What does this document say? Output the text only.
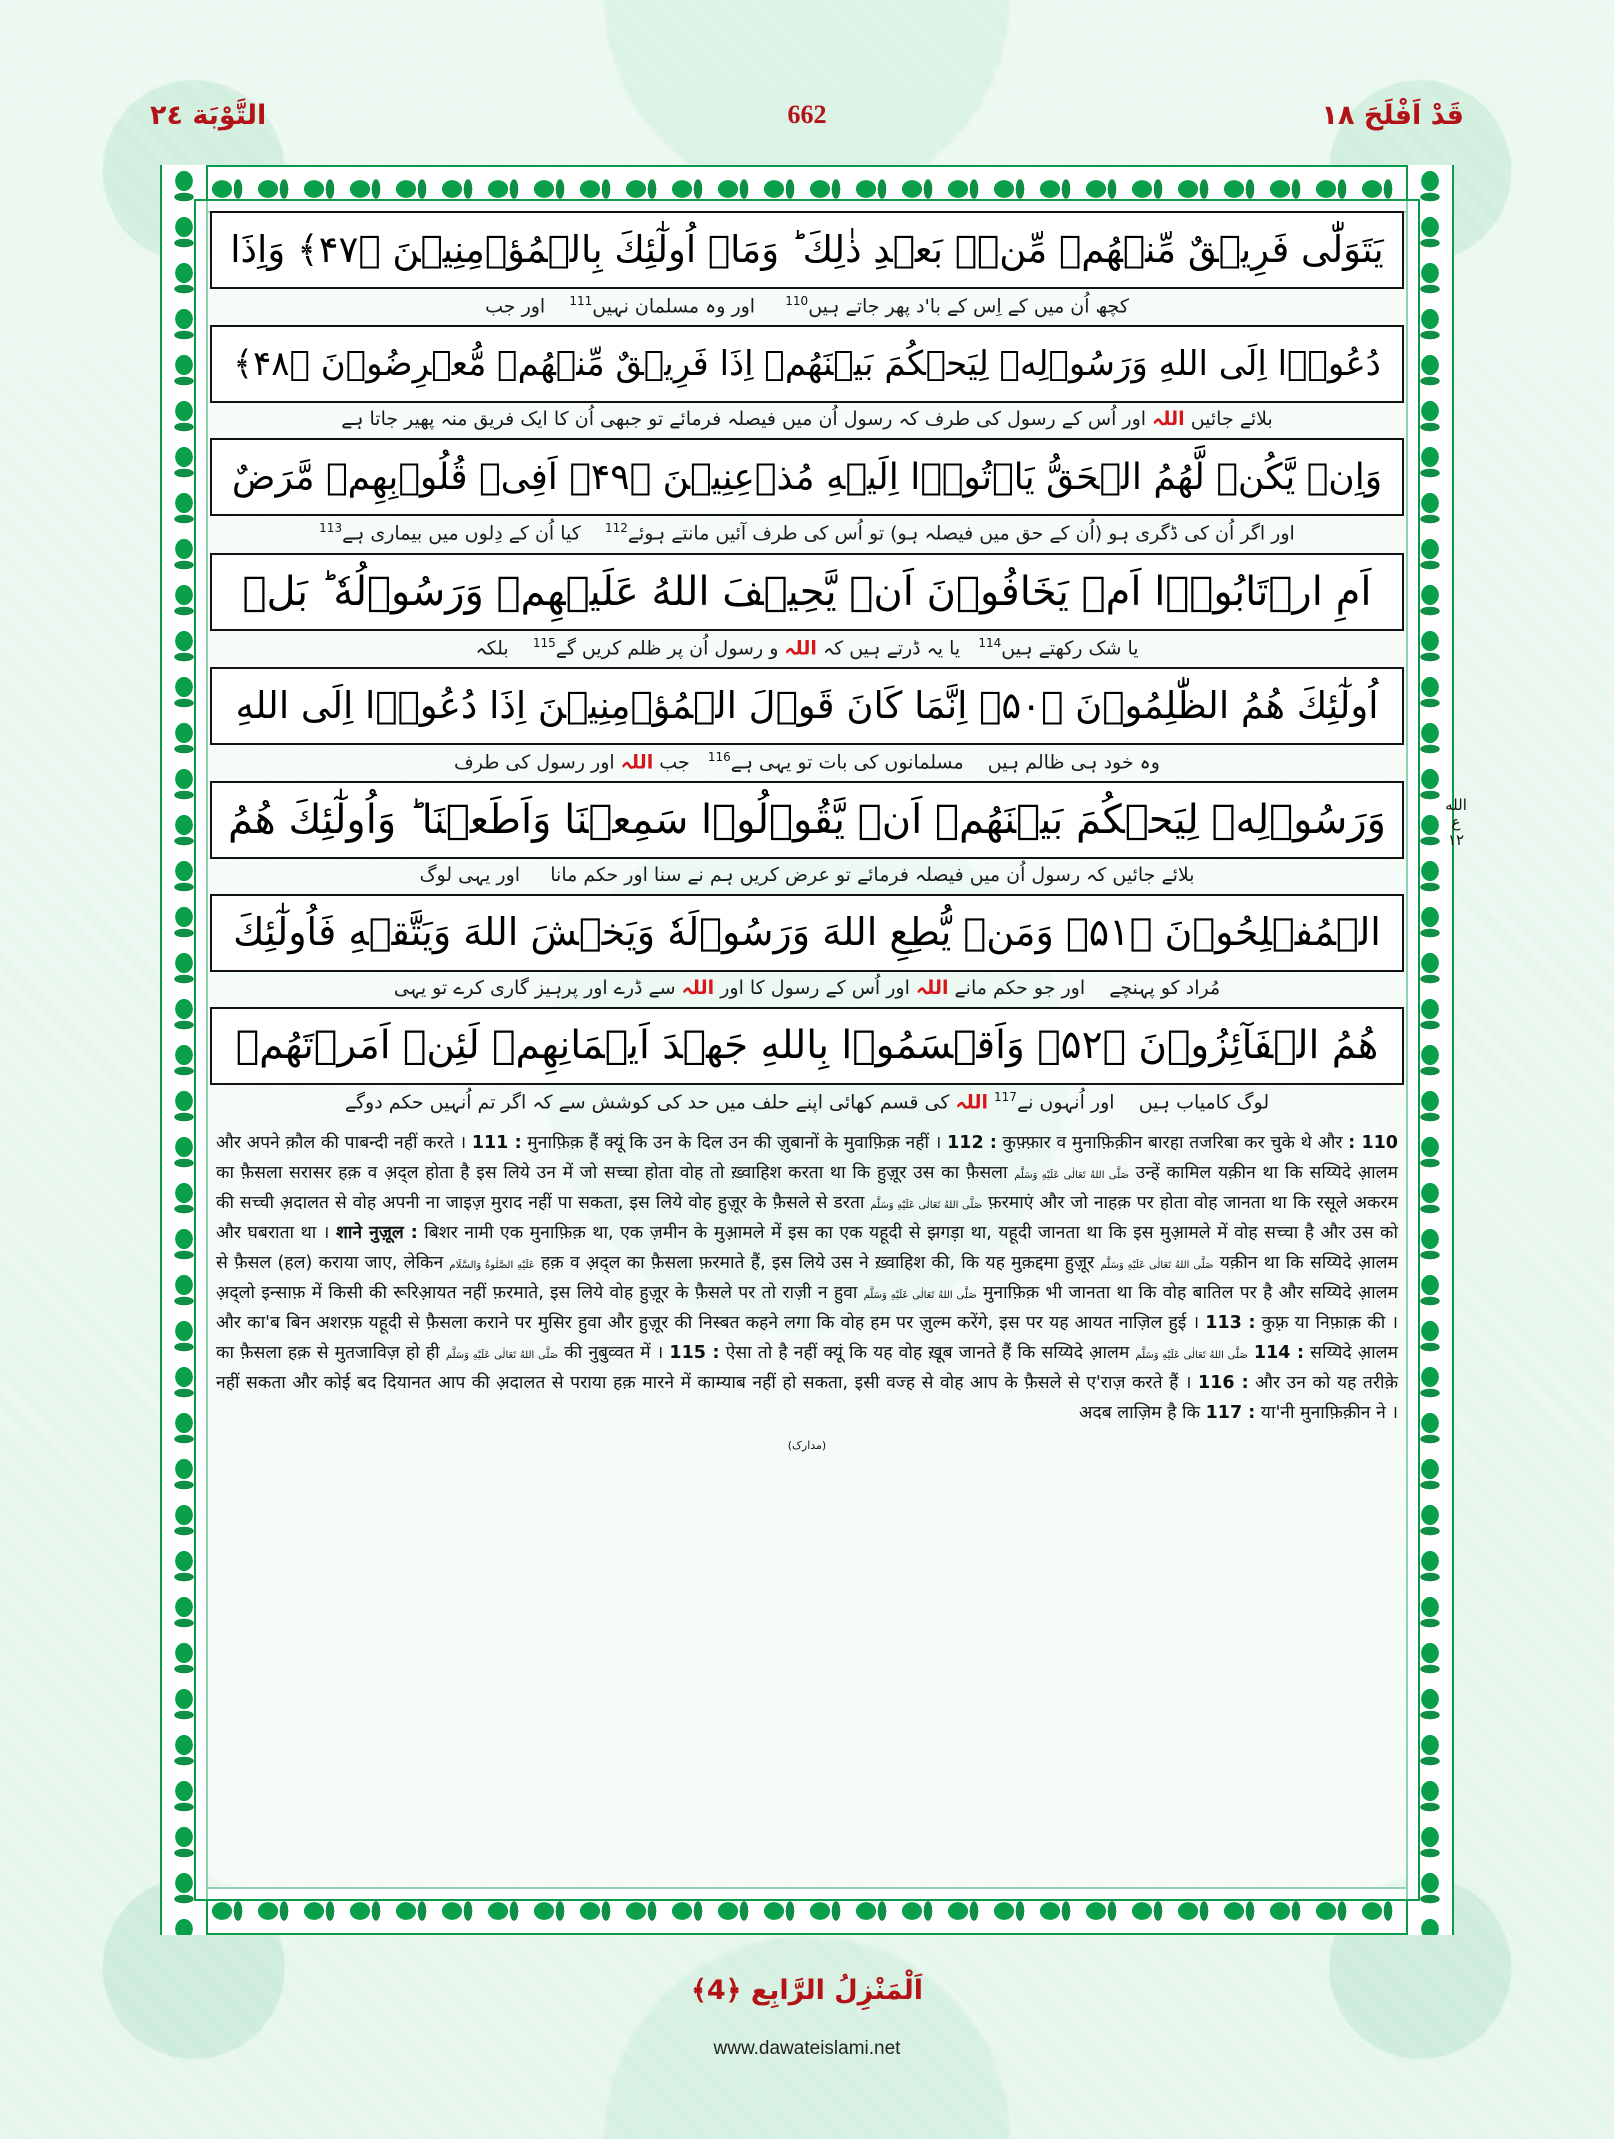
التَّوْبَة ٢٤	662	قَدْ اَفْلَحَ ١٨
الله
ع
١٢
يَتَوَلّٰى فَرِيۡقٌ مِّنۡهُمۡ مِّنۡۢ بَعۡدِ ذٰلِكَ ؕ وَمَاۤ اُولٰٓئِكَ بِالۡمُؤۡمِنِيۡنَ ﴿۴۷﴾ وَاِذَا
کچھ اُن میں کے اِس کے با'د پھر جاتے ہیں$^{110}$     اور وہ مسلمان نہیں$^{111}$    اور جب
دُعُوۡۤا اِلَى اللهِ وَرَسُوۡلِهٖ لِيَحۡكُمَ بَيۡنَهُمۡ اِذَا فَرِيۡقٌ مِّنۡهُمۡ مُّعۡرِضُوۡنَ ﴿۴۸﴾
بلائے جائیں اللہ اور اُس کے رسول کی طرف کہ رسول اُن میں فیصلہ فرمائے تو جبھی اُن کا ایک فریق منہ پھیر جاتا ہے
وَاِنۡ يَّكُنۡ لَّهُمُ الۡحَقُّ يَاۡتُوۡۤا اِلَيۡهِ مُذۡعِنِيۡنَ ﴿۴۹﴾ اَفِىۡ قُلُوۡبِهِمۡ مَّرَضٌ
اور اگر اُن کی ڈگری ہو (اُن کے حق میں فیصلہ ہو) تو اُس کی طرف آئیں مانتے ہوئے$^{112}$    کیا اُن کے دِلوں میں بیماری ہے$^{113}$
اَمِ ارۡتَابُوۡۤا اَمۡ يَخَافُوۡنَ اَنۡ يَّحِيۡفَ اللهُ عَلَيۡهِمۡ وَرَسُوۡلُهٗ ؕ بَلۡ
یا شک رکھتے ہیں$^{114}$   یا یہ ڈرتے ہیں کہ اللہ و رسول اُن پر ظلم کریں گے$^{115}$    بلکہ
اُولٰٓئِكَ هُمُ الظّٰلِمُوۡنَ ﴿۵۰﴾ اِنَّمَا كَانَ قَوۡلَ الۡمُؤۡمِنِيۡنَ اِذَا دُعُوۡۤا اِلَى اللهِ
وہ خود ہی ظالم ہیں    مسلمانوں کی بات تو یہی ہے$^{116}$   جب اللہ اور رسول کی طرف
وَرَسُوۡلِهٖ لِيَحۡكُمَ بَيۡنَهُمۡ اَنۡ يَّقُوۡلُوۡا سَمِعۡنَا وَاَطَعۡنَا ؕ وَاُولٰٓئِكَ هُمُ
بلائے جائیں کہ رسول اُن میں فیصلہ فرمائے تو عرض کریں ہم نے سنا اور حکم مانا     اور یہی لوگ
الۡمُفۡلِحُوۡنَ ﴿۵۱﴾ وَمَنۡ يُّطِعِ اللهَ وَرَسُوۡلَهٗ وَيَخۡشَ اللهَ وَيَتَّقۡهِ فَاُولٰٓئِكَ
مُراد کو پہنچے    اور جو حکم مانے اللہ اور اُس کے رسول کا اور اللہ سے ڈرے اور پرہیز گاری کرے تو یہی
هُمُ الۡفَآئِزُوۡنَ ﴿۵۲﴾ وَاَقۡسَمُوۡا بِاللهِ جَهۡدَ اَيۡمَانِهِمۡ لَئِنۡ اَمَرۡتَهُمۡ
لوگ کامیاب ہیں    اور اُنہوں نے$^{117}$ اللہ کی قسم کھائی اپنے حلف میں حد کی کوشش سے کہ اگر تم اُنہیں حکم دوگے
110 : और अपने क़ौल की पाबन्दी नहीं करते । 111 : मुनाफ़िक़ हैं क्यूं कि उन के दिल उन की ज़ुबानों के मुवाफ़िक़ नहीं । 112 : कुफ़्फ़ार व मुनाफ़िक़ीन बारहा तजरिबा कर चुके थे और उन्हें कामिल यक़ीन था कि सय्यिदे आ़लम صَلَّى اللهُ تَعَالٰى عَلَيْهِ وَسَلَّم का फ़ैसला सरासर हक़ व अ़द्ल होता है इस लिये उन में जो सच्चा होता वोह तो ख़्वाहिश करता था कि हुज़ूर उस का फ़ैसला फ़रमाएं और जो नाहक़ पर होता वोह जानता था कि रसूले अकरम صَلَّى اللهُ تَعَالٰى عَلَيْهِ وَسَلَّم की सच्ची अ़दालत से वोह अपनी ना जाइज़ मुराद नहीं पा सकता, इस लिये वोह हुज़ूर के फ़ैसले से डरता और घबराता था । शाने नुज़ूल : बिशर नामी एक मुनाफ़िक़ था, एक ज़मीन के मुआ़मले में इस का एक यहूदी से झगड़ा था, यहूदी जानता था कि इस मुआ़मले में वोह सच्चा है और उस को यक़ीन था कि सय्यिदे आ़लम صَلَّى اللهُ تَعَالٰى عَلَيْهِ وَسَلَّم हक़ व अ़द्ल का फ़ैसला फ़रमाते हैं, इस लिये उस ने ख़्वाहिश की, कि यह मुक़द्दमा हुज़ूर عَلَيْهِ الصَّلٰوةُ وَالسَّلَام से फ़ैसल (हल) कराया जाए, लेकिन मुनाफ़िक़ भी जानता था कि वोह बातिल पर है और सय्यिदे आ़लम صَلَّى اللهُ تَعَالٰى عَلَيْهِ وَسَلَّم अ़द्लो इन्साफ़ में किसी की रूरिआ़यत नहीं फ़रमाते, इस लिये वोह हुज़ूर के फ़ैसले पर तो राज़ी न हुवा और का'ब बिन अशरफ़ यहूदी से फ़ैसला कराने पर मुसिर हुवा और हुज़ूर की निस्बत कहने लगा कि वोह हम पर ज़ुल्म करेंगे, इस पर यह आयत नाज़िल हुई । 113 : कुफ़्र या निफ़ाक़ की । 114 : सय्यिदे आ़लम صَلَّى اللهُ تَعَالٰى عَلَيْهِ وَسَلَّم की नुबुव्वत में । 115 : ऐसा तो है नहीं क्यूं कि यह वोह ख़ूब जानते हैं कि सय्यिदे आ़लम صَلَّى اللهُ تَعَالٰى عَلَيْهِ وَسَلَّم का फ़ैसला हक़ से मुतजाविज़ हो ही नहीं सकता और कोई बद दियानत आप की अ़दालत से पराया हक़ मारने में काम्याब नहीं हो सकता, इसी वज्ह से वोह आप के फ़ैसले से ए'राज़ करते हैं । 116 : और उन को यह तरीक़े अदब लाज़िम है कि 117 : या'नी मुनाफ़िक़ीन ने ।
(مدارک)
اَلْمَنْزِلُ الرَّابِع ﴿4﴾
www.dawateislami.net
